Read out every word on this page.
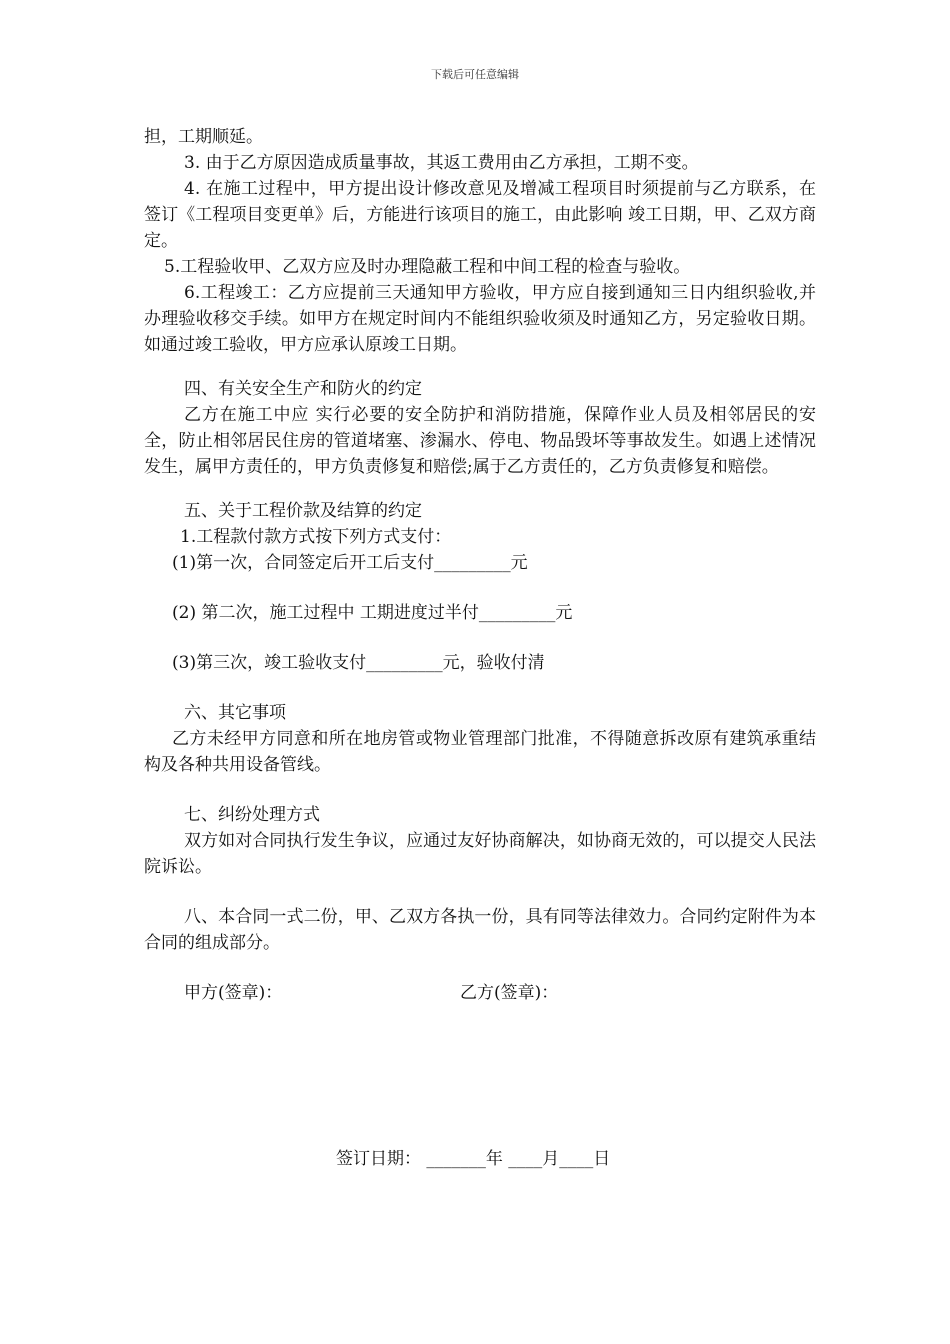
下载后可任意编辑

担，工期顺延。

3. 由于乙方原因造成质量事故，其返工费用由乙方承担，工期不变。

4. 在施工过程中，甲方提出设计修改意见及增减工程项目时须提前与乙方联系，在签订《工程项目变更单》后，方能进行该项目的施工，由此影响 竣工日期，甲、乙双方商定。

5.工程验收甲、乙双方应及时办理隐蔽工程和中间工程的检查与验收。

6.工程竣工：乙方应提前三天通知甲方验收，甲方应自接到通知三日内组织验收,并办理验收移交手续。如甲方在规定时间内不能组织验收须及时通知乙方，另定验收日期。如通过竣工验收，甲方应承认原竣工日期。

四、有关安全生产和防火的约定

乙方在施工中应 实行必要的安全防护和消防措施，保障作业人员及相邻居民的安全，防止相邻居民住房的管道堵塞、渗漏水、停电、物品毁坏等事故发生。如遇上述情况发生，属甲方责任的，甲方负责修复和赔偿;属于乙方责任的，乙方负责修复和赔偿。

五、关于工程价款及结算的约定

1.工程款付款方式按下列方式支付：

(1)第一次，合同签定后开工后支付_________元

(2) 第二次，施工过程中 工期进度过半付_________元

(3)第三次，竣工验收支付_________元，验收付清

六、其它事项

乙方未经甲方同意和所在地房管或物业管理部门批准，不得随意拆改原有建筑承重结构及各种共用设备管线。

七、纠纷处理方式

双方如对合同执行发生争议，应通过友好协商解决，如协商无效的，可以提交人民法院诉讼。

八、本合同一式二份，甲、乙双方各执一份，具有同等法律效力。合同约定附件为本合同的组成部分。

甲方(签章)：	乙方(签章)：
签订日期： _______年 ____月____日
